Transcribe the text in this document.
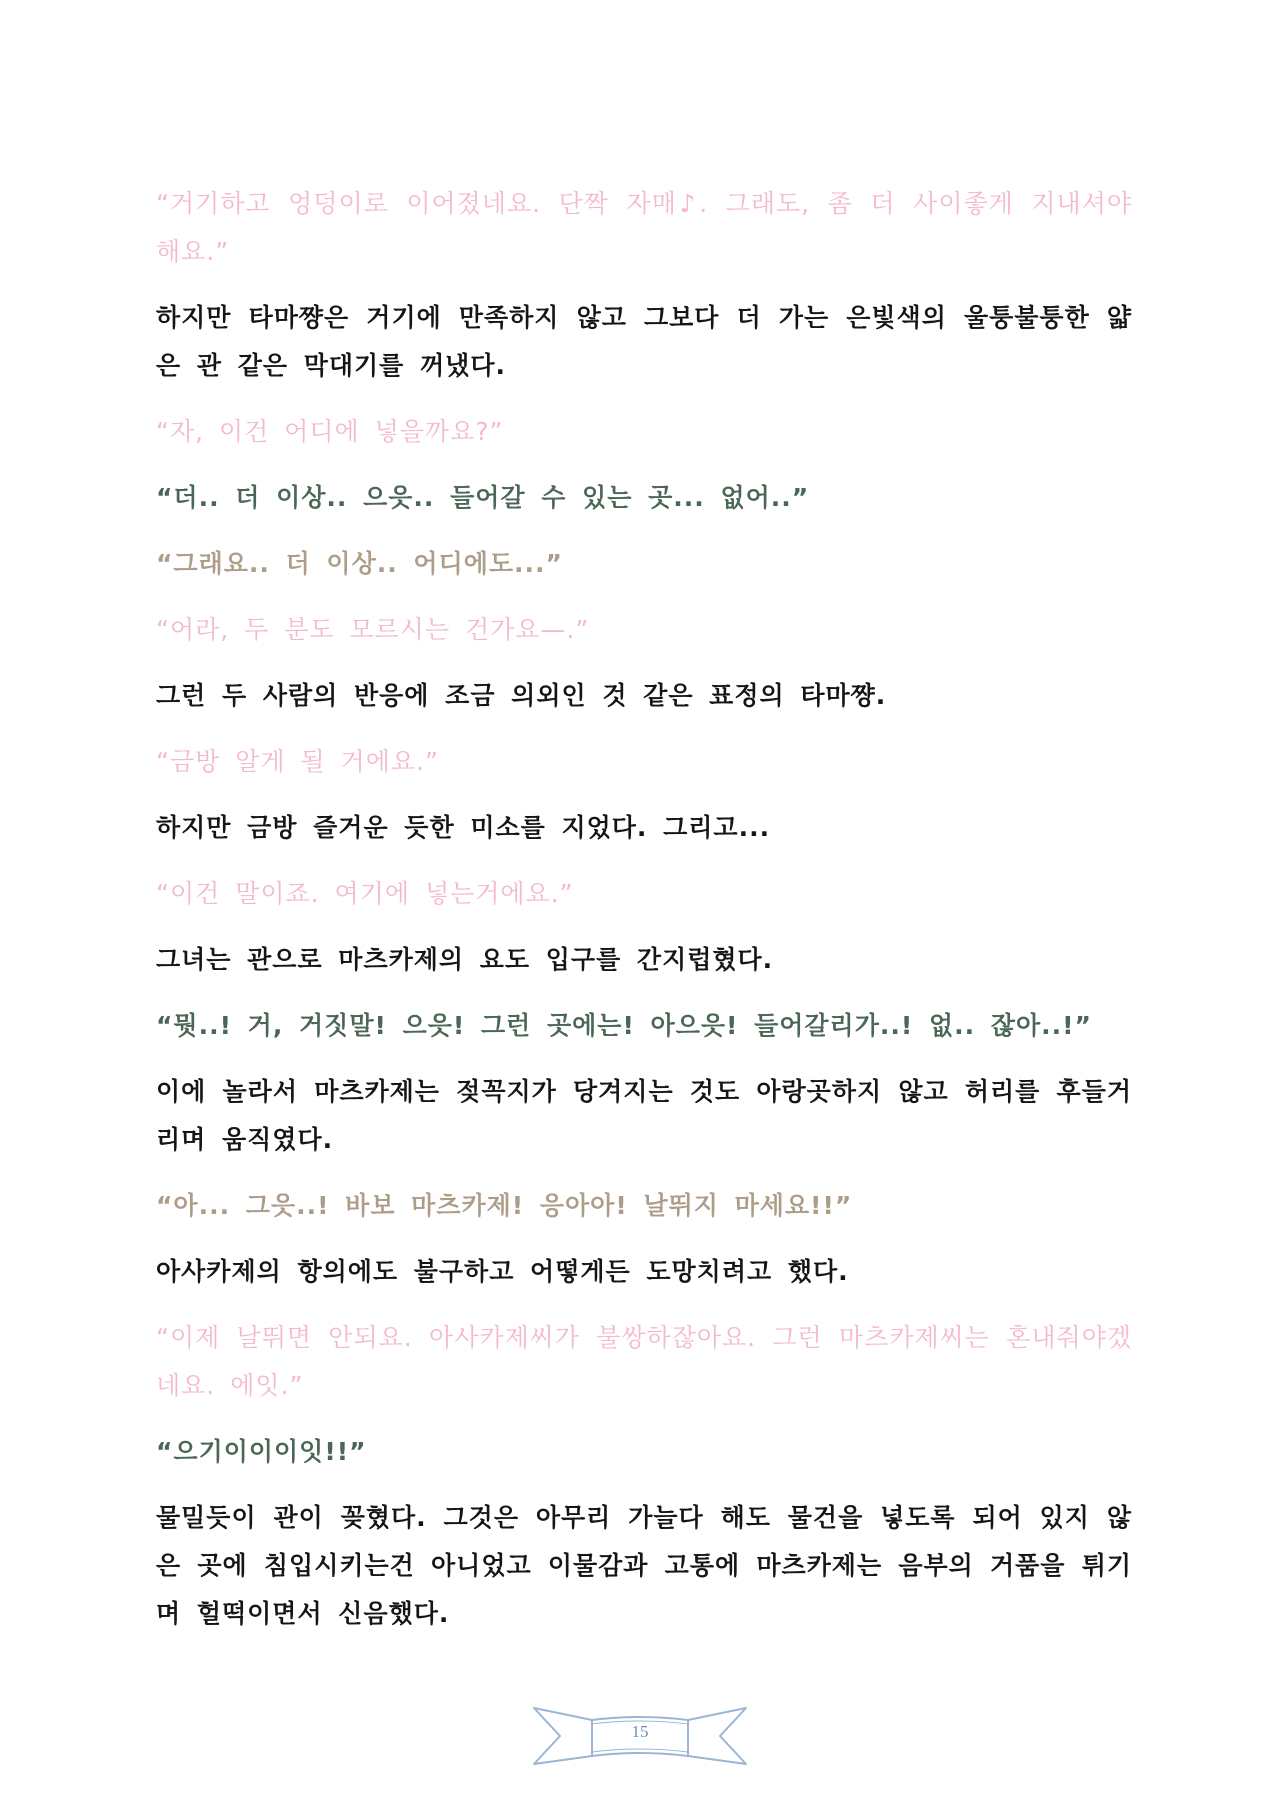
“거기하고 엉덩이로 이어졌네요. 단짝 자매♪. 그래도, 좀 더 사이좋게 지내셔야 해요.”

하지만 타마쨩은 거기에 만족하지 않고 그보다 더 가는 은빛색의 울퉁불퉁한 얇은 관 같은 막대기를 꺼냈다.

“자, 이건 어디에 넣을까요?”

“더.. 더 이상.. 으읏.. 들어갈 수 있는 곳... 없어..”

“그래요.. 더 이상.. 어디에도...”

“어라, 두 분도 모르시는 건가요—.”

그런 두 사람의 반응에 조금 의외인 것 같은 표정의 타마쨩.

“금방 알게 될 거에요.”

하지만 금방 즐거운 듯한 미소를 지었다. 그리고...

“이건 말이죠. 여기에 넣는거에요.”

그녀는 관으로 마츠카제의 요도 입구를 간지럽혔다.

“뭣..! 거, 거짓말! 으읏! 그런 곳에는! 아으읏! 들어갈리가..! 없.. 잖아..!”

이에 놀라서 마츠카제는 젖꼭지가 당겨지는 것도 아랑곳하지 않고 허리를 후들거리며 움직였다.

“아... 그읏..! 바보 마츠카제! 응아아! 날뛰지 마세요!!”

아사카제의 항의에도 불구하고 어떻게든 도망치려고 했다.

“이제 날뛰면 안되요. 아사카제씨가 불쌍하잖아요. 그런 마츠카제씨는 혼내줘야겠네요. 에잇.”

“으기이이이잇!!”

물밀듯이 관이 꽂혔다. 그것은 아무리 가늘다 해도 물건을 넣도록 되어 있지 않은 곳에 침입시키는건 아니었고 이물감과 고통에 마츠카제는 음부의 거품을 튀기며 헐떡이면서 신음했다.

15
